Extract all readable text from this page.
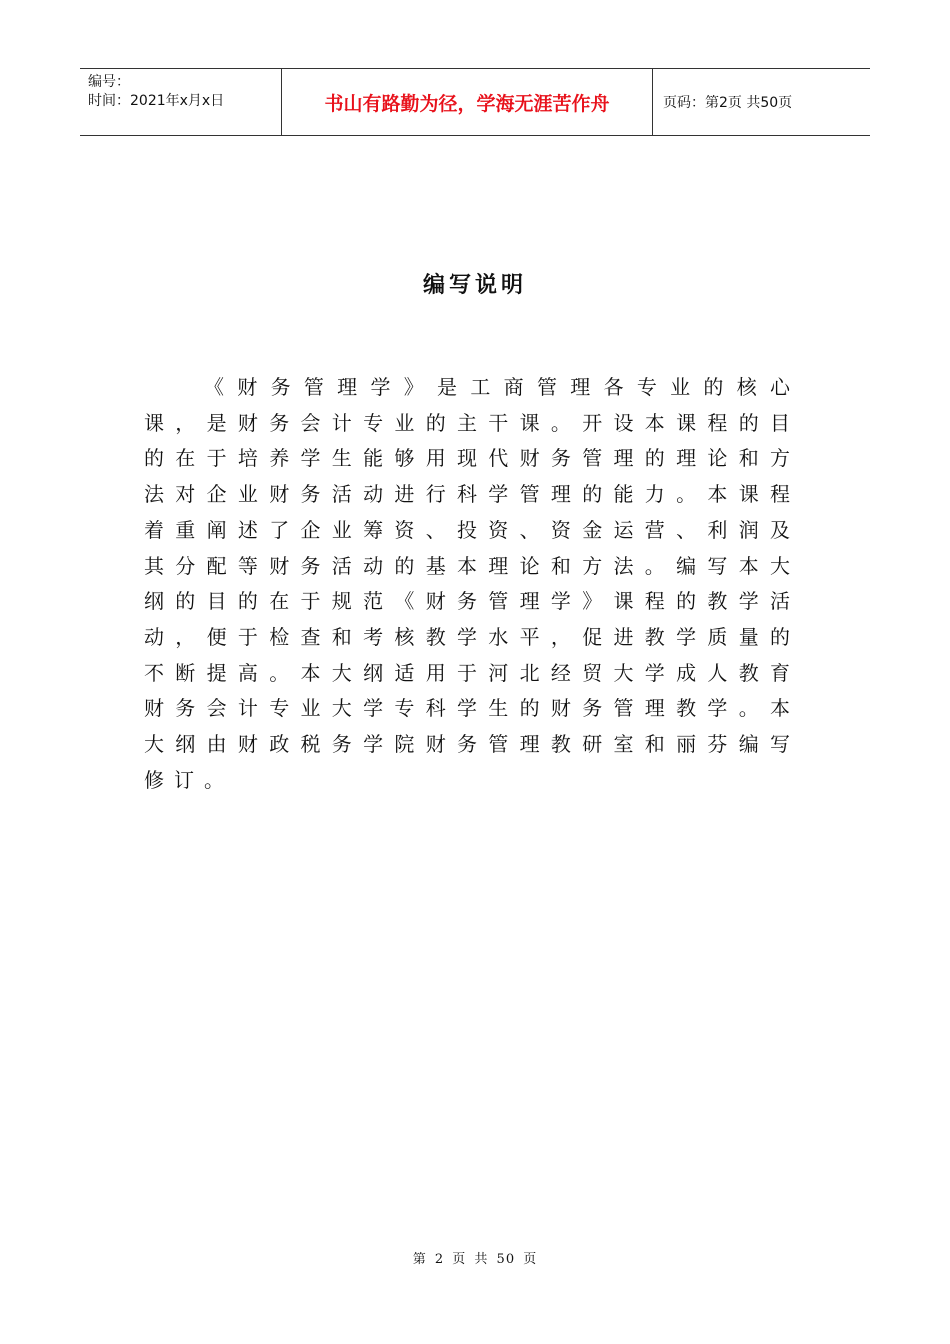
编号：
时间：2021年x月x日	书山有路勤为径，学海无涯苦作舟	页码：第2页 共50页
编写说明

《财务管理学》是工商管理各专业的核心课，是财务会计专业的主干课。开设本课程的目的在于培养学生能够用现代财务管理的理论和方法对企业财务活动进行科学管理的能力。本课程着重阐述了企业筹资、投资、资金运营、利润及其分配等财务活动的基本理论和方法。编写本大纲的目的在于规范《财务管理学》课程的教学活动，便于检查和考核教学水平，促进教学质量的不断提高。本大纲适用于河北经贸大学成人教育财务会计专业大学专科学生的财务管理教学。本大纲由财政税务学院财务管理教研室和丽芬编写修订。

第 2 页 共 50 页
